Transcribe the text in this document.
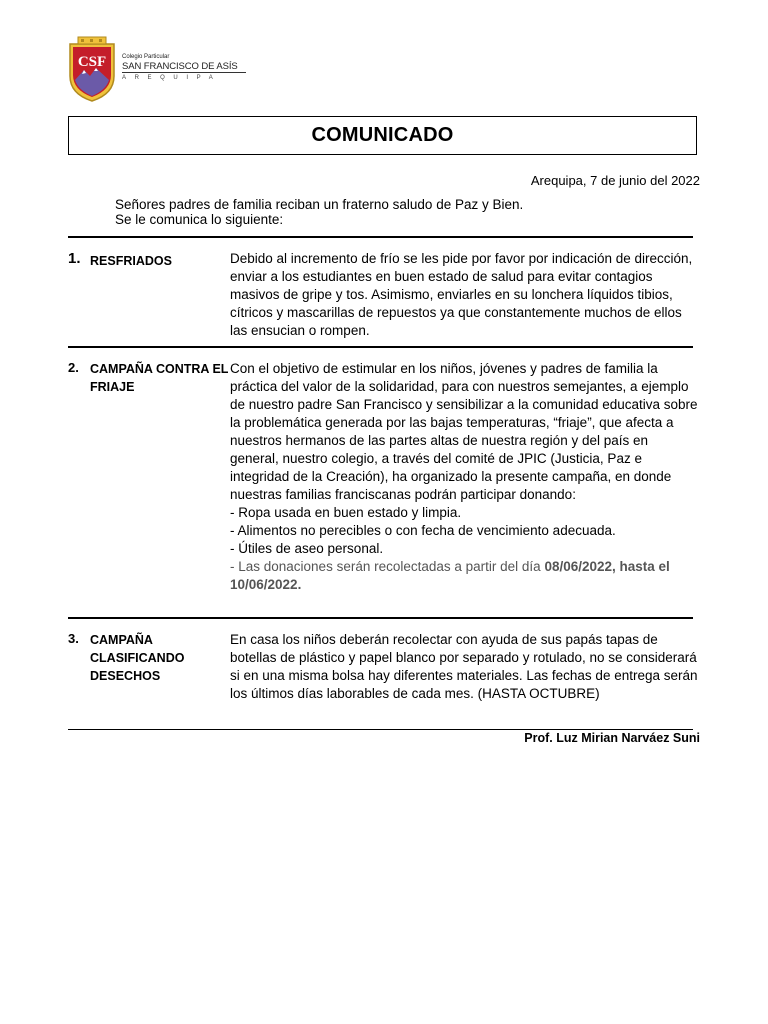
CSF	Colegio Particular
SAN FRANCISCO DE ASÍS
AREQUIPA
COMUNICADO
Arequipa, 7 de junio del 2022
Señores padres de familia reciban un fraterno saludo de Paz y Bien.
Se le comunica lo siguiente:
1. RESFRIADOS	Debido al incremento de frío se les pide por favor por indicación de dirección, enviar a los estudiantes en buen estado de salud para evitar contagios masivos de gripe y tos. Asimismo, enviarles en su lonchera líquidos tibios, cítricos y mascarillas de repuestos ya que constantemente muchos de ellos las ensucian o rompen.
2. CAMPAÑA CONTRA EL FRIAJE

Con el objetivo de estimular en los niños, jóvenes y padres de familia la práctica del valor de la solidaridad, para con nuestros semejantes, a ejemplo de nuestro padre San Francisco y sensibilizar a la comunidad educativa sobre la problemática generada por las bajas temperaturas, “friaje”, que afecta a nuestros hermanos de las partes altas de nuestra región y del país en general, nuestro colegio, a través del comité de JPIC (Justicia, Paz e integridad de la Creación), ha organizado la presente campaña, en donde nuestras familias franciscanas podrán participar donando:

- Ropa usada en buen estado y limpia.

- Alimentos no perecibles o con fecha de vencimiento adecuada.

- Útiles de aseo personal.

- Las donaciones serán recolectadas a partir del día 08/06/2022, hasta el 10/06/2022.

3. CAMPAÑA CLASIFICANDO DESECHOS
En casa los niños deberán recolectar con ayuda de sus papás tapas de botellas de plástico y papel blanco por separado y rotulado, no se considerará si en una misma bolsa hay diferentes materiales. Las fechas de entrega serán los últimos días laborables de cada mes. (HASTA OCTUBRE)
Prof. Luz Mirian Narváez Suni
